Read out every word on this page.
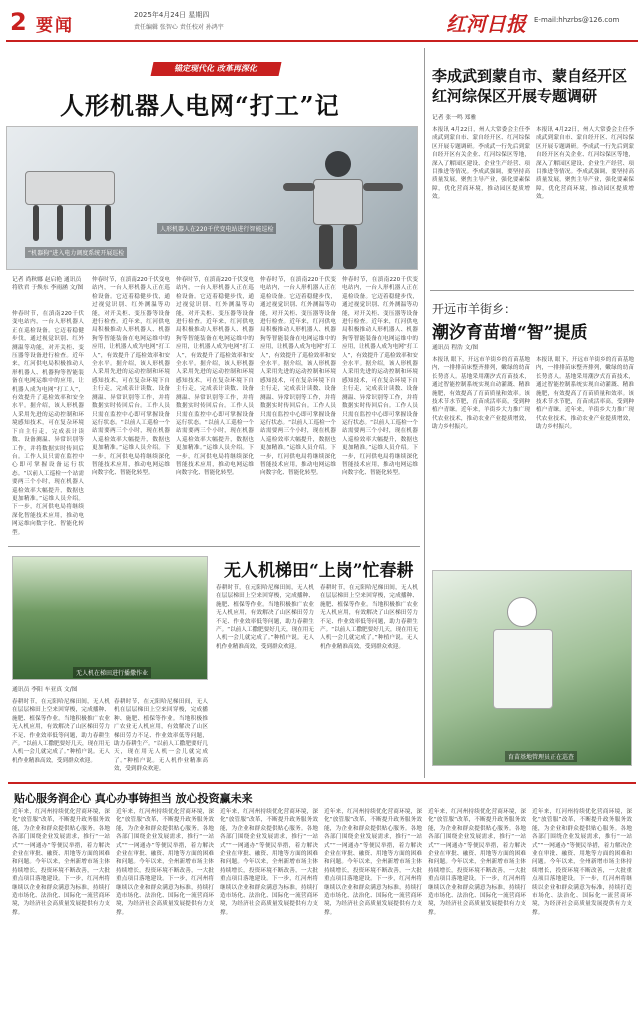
2 要闻
2025年4月24日 星期四
责任编辑 张智心 责任校对 孙鸿宇	红河日报 E-mail:hhzrbs@126.com
锚定现代化 改革再深化
人形机器人电网“打工”记
人形机器人在220千伏变电站进行智能巡检
“机器狗”进入电力调度系统开展巡检
记者 尚秋娜 赵启艳 通讯员 将欣君 于焕东 李雨涵 文/图
仲春时节，在滇南220千伏变电站内，一台人形机器人正在巡检设备。它迈着稳健步伐，通过视觉识别、红外测温等功能，对开关柜、变压器等设备进行检查。近年来，红河供电局积极推动人形机器人、机器狗等智能装备在电网运维中的应用，让机器人成为电网“打工人”，有效提升了巡检效率和安全水平。据介绍，该人形机器人采用先进的运动控制和环境感知技术，可在复杂环境下自主行走，完成表计读数、设备测温、异常识别等工作，并将数据实时传回后台。工作人员只需在监控中心即可掌握设备运行状态。“以前人工巡检一个站需要两三个小时，现在机器人巡检效率大幅提升，数据也更加精准。”运维人员介绍。下一步，红河供电局将继续深化智能技术应用，推动电网运维向数字化、智能化转型。
仲春时节，在滇南220千伏变电站内，一台人形机器人正在巡检设备。它迈着稳健步伐，通过视觉识别、红外测温等功能，对开关柜、变压器等设备进行检查。近年来，红河供电局积极推动人形机器人、机器狗等智能装备在电网运维中的应用，让机器人成为电网“打工人”，有效提升了巡检效率和安全水平。据介绍，该人形机器人采用先进的运动控制和环境感知技术，可在复杂环境下自主行走，完成表计读数、设备测温、异常识别等工作，并将数据实时传回后台。工作人员只需在监控中心即可掌握设备运行状态。“以前人工巡检一个站需要两三个小时，现在机器人巡检效率大幅提升，数据也更加精准。”运维人员介绍。下一步，红河供电局将继续深化智能技术应用，推动电网运维向数字化、智能化转型。
仲春时节，在滇南220千伏变电站内，一台人形机器人正在巡检设备。它迈着稳健步伐，通过视觉识别、红外测温等功能，对开关柜、变压器等设备进行检查。近年来，红河供电局积极推动人形机器人、机器狗等智能装备在电网运维中的应用，让机器人成为电网“打工人”，有效提升了巡检效率和安全水平。据介绍，该人形机器人采用先进的运动控制和环境感知技术，可在复杂环境下自主行走，完成表计读数、设备测温、异常识别等工作，并将数据实时传回后台。工作人员只需在监控中心即可掌握设备运行状态。“以前人工巡检一个站需要两三个小时，现在机器人巡检效率大幅提升，数据也更加精准。”运维人员介绍。下一步，红河供电局将继续深化智能技术应用，推动电网运维向数字化、智能化转型。
仲春时节，在滇南220千伏变电站内，一台人形机器人正在巡检设备。它迈着稳健步伐，通过视觉识别、红外测温等功能，对开关柜、变压器等设备进行检查。近年来，红河供电局积极推动人形机器人、机器狗等智能装备在电网运维中的应用，让机器人成为电网“打工人”，有效提升了巡检效率和安全水平。据介绍，该人形机器人采用先进的运动控制和环境感知技术，可在复杂环境下自主行走，完成表计读数、设备测温、异常识别等工作，并将数据实时传回后台。工作人员只需在监控中心即可掌握设备运行状态。“以前人工巡检一个站需要两三个小时，现在机器人巡检效率大幅提升，数据也更加精准。”运维人员介绍。下一步，红河供电局将继续深化智能技术应用，推动电网运维向数字化、智能化转型。
仲春时节，在滇南220千伏变电站内，一台人形机器人正在巡检设备。它迈着稳健步伐，通过视觉识别、红外测温等功能，对开关柜、变压器等设备进行检查。近年来，红河供电局积极推动人形机器人、机器狗等智能装备在电网运维中的应用，让机器人成为电网“打工人”，有效提升了巡检效率和安全水平。据介绍，该人形机器人采用先进的运动控制和环境感知技术，可在复杂环境下自主行走，完成表计读数、设备测温、异常识别等工作，并将数据实时传回后台。工作人员只需在监控中心即可掌握设备运行状态。“以前人工巡检一个站需要两三个小时，现在机器人巡检效率大幅提升，数据也更加精准。”运维人员介绍。下一步，红河供电局将继续深化智能技术应用，推动电网运维向数字化、智能化转型。
无人机梯田“上岗”忙春耕
无人机在梯田进行播撒作业
通讯员 李阳 车亚真 文/图
春耕时节，在元阳哈尼梯田间，无人机在层层梯田上空来回穿梭，完成播种、施肥、植保等作业。当地积极推广农业无人机应用，有效解决了山区梯田劳力不足、作业效率低等问题，助力春耕生产。“以前人工撒肥要好几天，现在用无人机一会儿就完成了。”种植户说。无人机作业精准高效，受到群众欢迎。
春耕时节，在元阳哈尼梯田间，无人机在层层梯田上空来回穿梭，完成播种、施肥、植保等作业。当地积极推广农业无人机应用，有效解决了山区梯田劳力不足、作业效率低等问题，助力春耕生产。“以前人工撒肥要好几天，现在用无人机一会儿就完成了。”种植户说。无人机作业精准高效，受到群众欢迎。
春耕时节，在元阳哈尼梯田间，无人机在层层梯田上空来回穿梭，完成播种、施肥、植保等作业。当地积极推广农业无人机应用，有效解决了山区梯田劳力不足、作业效率低等问题，助力春耕生产。“以前人工撒肥要好几天，现在用无人机一会儿就完成了。”种植户说。无人机作业精准高效，受到群众欢迎。
春耕时节，在元阳哈尼梯田间，无人机在层层梯田上空来回穿梭，完成播种、施肥、植保等作业。当地积极推广农业无人机应用，有效解决了山区梯田劳力不足、作业效率低等问题，助力春耕生产。“以前人工撒肥要好几天，现在用无人机一会儿就完成了。”种植户说。无人机作业精准高效，受到群众欢迎。
李成武到蒙自市、蒙自经开区红河综保区开展专题调研
记者 张一鸣 郑雅
本报讯 4月22日，州人大常委会主任李成武到蒙自市、蒙自经开区、红河综保区开展专题调研。李成武一行先后到蒙自经开区有关企业、红河综保区等地，深入了解园区建设、企业生产经营、项目推进等情况。李成武强调，要坚持高质量发展，聚焦主导产业，强化要素保障，优化营商环境，推动园区提质增效。
本报讯 4月22日，州人大常委会主任李成武到蒙自市、蒙自经开区、红河综保区开展专题调研。李成武一行先后到蒙自经开区有关企业、红河综保区等地，深入了解园区建设、企业生产经营、项目推进等情况。李成武强调，要坚持高质量发展，聚焦主导产业，强化要素保障，优化营商环境，推动园区提质增效。
开远市羊街乡：
潮汐育苗增“智”提质
通讯员 程浩 文/图
本报讯 眼下，开远市羊街乡的育苗基地内，一排排苗床整齐排列，嫩绿的幼苗长势喜人。基地采用潮汐式育苗技术，通过智能控制系统实现自动灌溉、精准施肥，有效提高了育苗质量和效率。该技术节水节肥，育苗成活率高，受到种植户青睐。近年来，羊街乡大力推广现代农业技术，推动农业产业提质增效，助力乡村振兴。
本报讯 眼下，开远市羊街乡的育苗基地内，一排排苗床整齐排列，嫩绿的幼苗长势喜人。基地采用潮汐式育苗技术，通过智能控制系统实现自动灌溉、精准施肥，有效提高了育苗质量和效率。该技术节水节肥，育苗成活率高，受到种植户青睐。近年来，羊街乡大力推广现代农业技术，推动农业产业提质增效，助力乡村振兴。
育苗基地管理员正在巡查
贴心服务润企心 真心办事铸担当 放心投资赢未来
近年来，红河州持续优化营商环境，深化“放管服”改革，不断提升政务服务效能，为企业和群众提供贴心服务。各地各部门围绕企业发展需求，推行“一站式”“一网通办”等便民举措，着力解决企业在审批、融资、用地等方面的困难和问题。今年以来，全州新增市场主体持续增长，投资环境不断改善，一大批重点项目落地建设。下一步，红河州将继续以企业和群众满意为标准，持续打造市场化、法治化、国际化一流营商环境，为经济社会高质量发展提供有力支撑。
近年来，红河州持续优化营商环境，深化“放管服”改革，不断提升政务服务效能，为企业和群众提供贴心服务。各地各部门围绕企业发展需求，推行“一站式”“一网通办”等便民举措，着力解决企业在审批、融资、用地等方面的困难和问题。今年以来，全州新增市场主体持续增长，投资环境不断改善，一大批重点项目落地建设。下一步，红河州将继续以企业和群众满意为标准，持续打造市场化、法治化、国际化一流营商环境，为经济社会高质量发展提供有力支撑。
近年来，红河州持续优化营商环境，深化“放管服”改革，不断提升政务服务效能，为企业和群众提供贴心服务。各地各部门围绕企业发展需求，推行“一站式”“一网通办”等便民举措，着力解决企业在审批、融资、用地等方面的困难和问题。今年以来，全州新增市场主体持续增长，投资环境不断改善，一大批重点项目落地建设。下一步，红河州将继续以企业和群众满意为标准，持续打造市场化、法治化、国际化一流营商环境，为经济社会高质量发展提供有力支撑。
近年来，红河州持续优化营商环境，深化“放管服”改革，不断提升政务服务效能，为企业和群众提供贴心服务。各地各部门围绕企业发展需求，推行“一站式”“一网通办”等便民举措，着力解决企业在审批、融资、用地等方面的困难和问题。今年以来，全州新增市场主体持续增长，投资环境不断改善，一大批重点项目落地建设。下一步，红河州将继续以企业和群众满意为标准，持续打造市场化、法治化、国际化一流营商环境，为经济社会高质量发展提供有力支撑。
近年来，红河州持续优化营商环境，深化“放管服”改革，不断提升政务服务效能，为企业和群众提供贴心服务。各地各部门围绕企业发展需求，推行“一站式”“一网通办”等便民举措，着力解决企业在审批、融资、用地等方面的困难和问题。今年以来，全州新增市场主体持续增长，投资环境不断改善，一大批重点项目落地建设。下一步，红河州将继续以企业和群众满意为标准，持续打造市场化、法治化、国际化一流营商环境，为经济社会高质量发展提供有力支撑。
近年来，红河州持续优化营商环境，深化“放管服”改革，不断提升政务服务效能，为企业和群众提供贴心服务。各地各部门围绕企业发展需求，推行“一站式”“一网通办”等便民举措，着力解决企业在审批、融资、用地等方面的困难和问题。今年以来，全州新增市场主体持续增长，投资环境不断改善，一大批重点项目落地建设。下一步，红河州将继续以企业和群众满意为标准，持续打造市场化、法治化、国际化一流营商环境，为经济社会高质量发展提供有力支撑。
